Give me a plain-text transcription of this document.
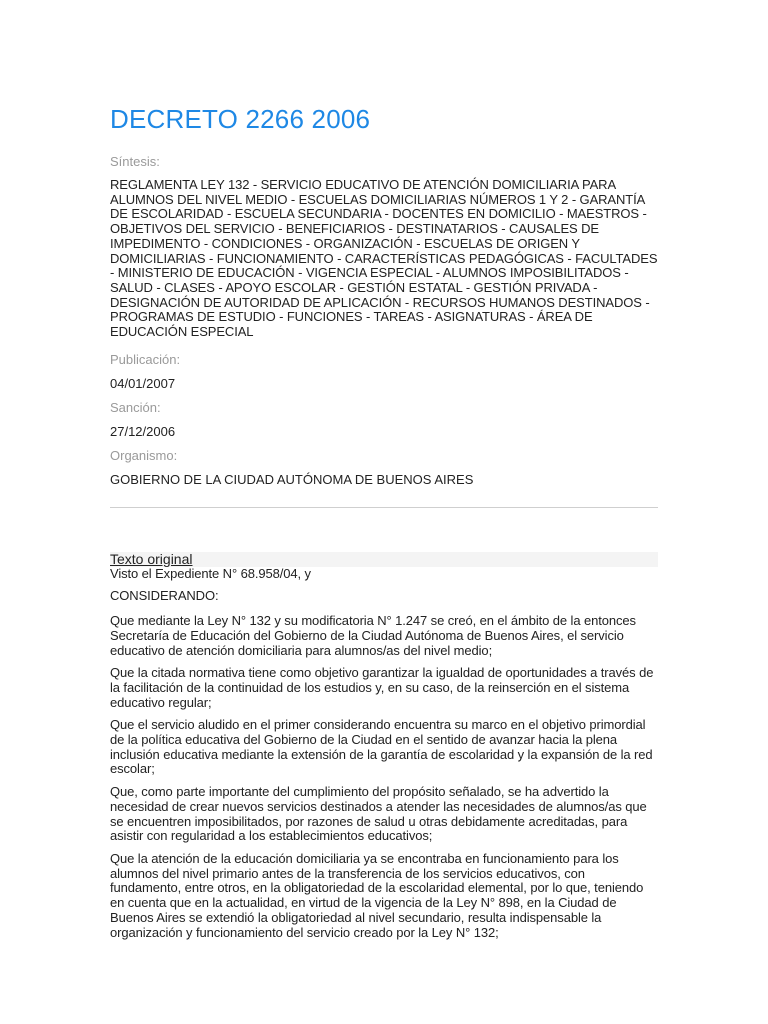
DECRETO 2266 2006
Síntesis:
REGLAMENTA LEY 132 - SERVICIO EDUCATIVO DE ATENCIÓN DOMICILIARIA PARA ALUMNOS DEL NIVEL MEDIO - ESCUELAS DOMICILIARIAS NÚMEROS 1 Y 2 - GARANTÍA DE ESCOLARIDAD - ESCUELA SECUNDARIA - DOCENTES EN DOMICILIO - MAESTROS - OBJETIVOS DEL SERVICIO - BENEFICIARIOS - DESTINATARIOS - CAUSALES DE IMPEDIMENTO - CONDICIONES - ORGANIZACIÓN - ESCUELAS DE ORIGEN Y DOMICILIARIAS - FUNCIONAMIENTO - CARACTERÍSTICAS PEDAGÓGICAS - FACULTADES - MINISTERIO DE EDUCACIÓN - VIGENCIA ESPECIAL - ALUMNOS IMPOSIBILITADOS - SALUD - CLASES - APOYO ESCOLAR - GESTIÓN ESTATAL - GESTIÓN PRIVADA - DESIGNACIÓN DE AUTORIDAD DE APLICACIÓN - RECURSOS HUMANOS DESTINADOS - PROGRAMAS DE ESTUDIO - FUNCIONES - TAREAS - ASIGNATURAS - ÁREA DE EDUCACIÓN ESPECIAL
Publicación:
04/01/2007
Sanción:
27/12/2006
Organismo:
GOBIERNO DE LA CIUDAD AUTÓNOMA DE BUENOS AIRES
Texto original
Visto el Expediente N° 68.958/04, y
CONSIDERANDO:
Que mediante la Ley N° 132 y su modificatoria N° 1.247 se creó, en el ámbito de la entonces Secretaría de Educación del Gobierno de la Ciudad Autónoma de Buenos Aires, el servicio educativo de atención domiciliaria para alumnos/as del nivel medio;
Que la citada normativa tiene como objetivo garantizar la igualdad de oportunidades a través de la facilitación de la continuidad de los estudios y, en su caso, de la reinserción en el sistema educativo regular;
Que el servicio aludido en el primer considerando encuentra su marco en el objetivo primordial de la política educativa del Gobierno de la Ciudad en el sentido de avanzar hacia la plena inclusión educativa mediante la extensión de la garantía de escolaridad y la expansión de la red escolar;
Que, como parte importante del cumplimiento del propósito señalado, se ha advertido la necesidad de crear nuevos servicios destinados a atender las necesidades de alumnos/as que se encuentren imposibilitados, por razones de salud u otras debidamente acreditadas, para asistir con regularidad a los establecimientos educativos;
Que la atención de la educación domiciliaria ya se encontraba en funcionamiento para los alumnos del nivel primario antes de la transferencia de los servicios educativos, con fundamento, entre otros, en la obligatoriedad de la escolaridad elemental, por lo que, teniendo en cuenta que en la actualidad, en virtud de la vigencia de la Ley N° 898, en la Ciudad de Buenos Aires se extendió la obligatoriedad al nivel secundario, resulta indispensable la organización y funcionamiento del servicio creado por la Ley N° 132;
